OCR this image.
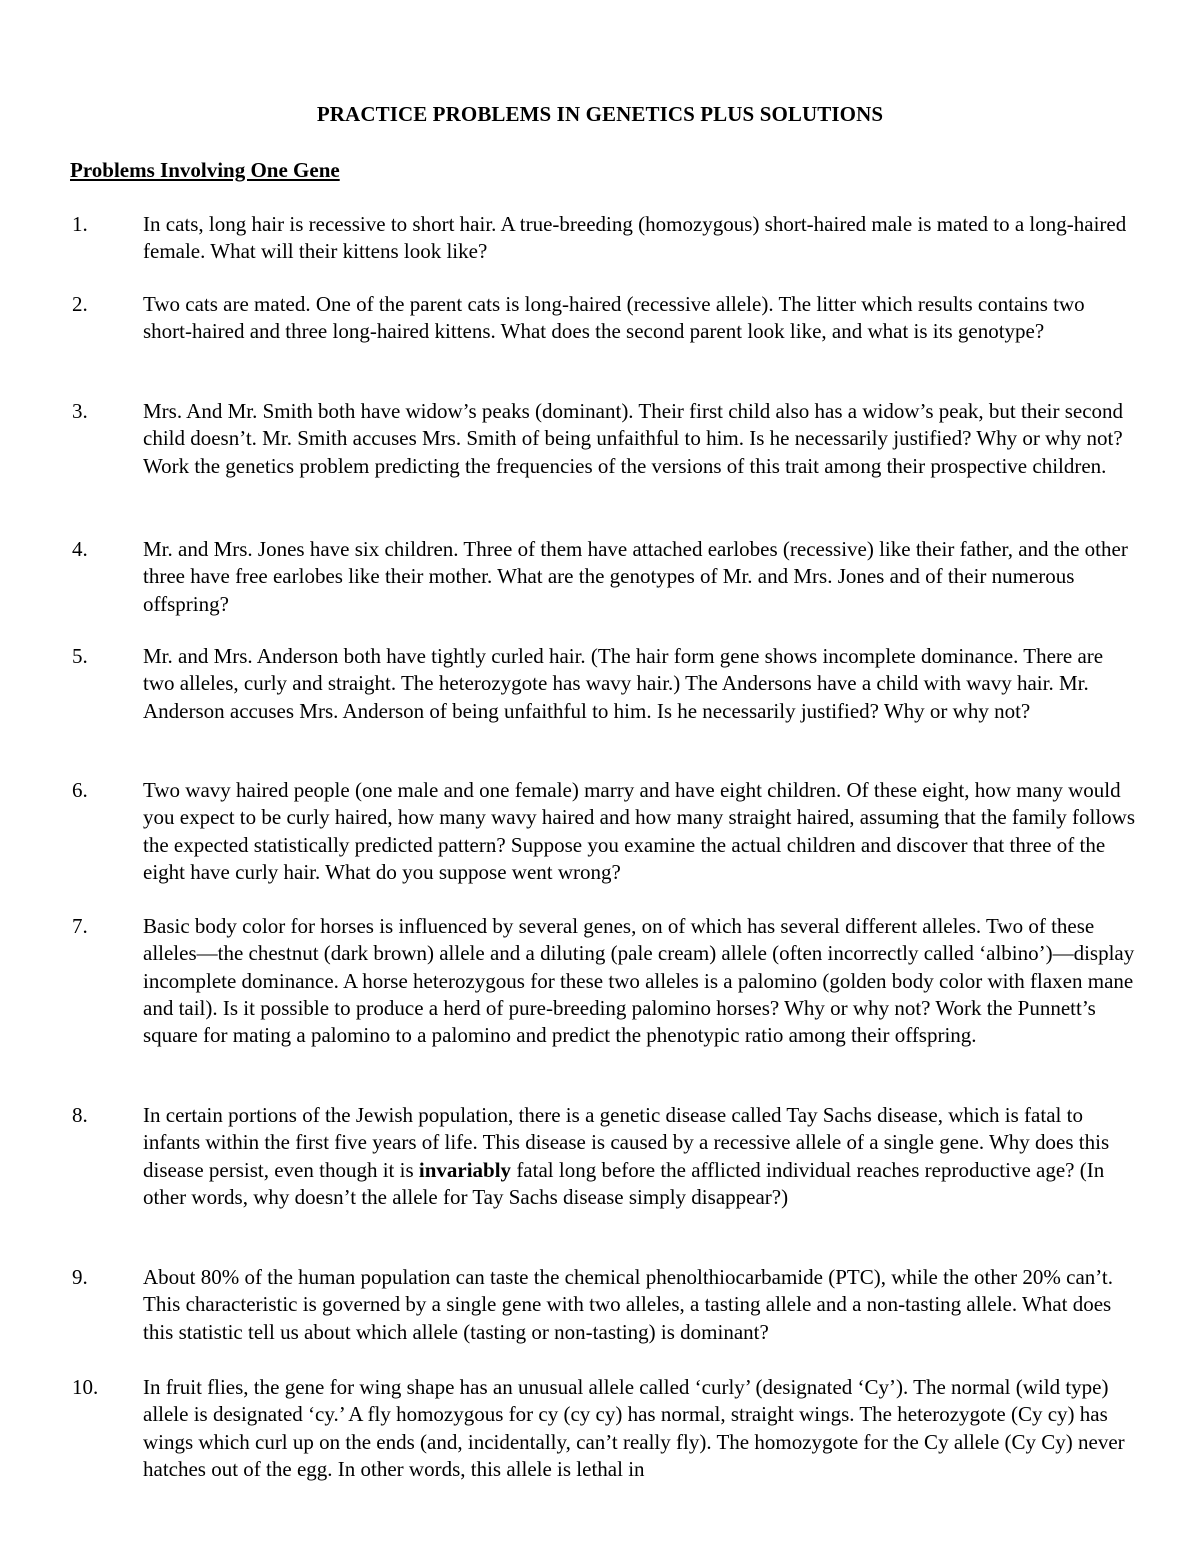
PRACTICE PROBLEMS IN GENETICS PLUS SOLUTIONS
Problems Involving One Gene
1.	In cats, long hair is recessive to short hair. A true-breeding (homozygous) short-haired male is mated to a long-haired female. What will their kittens look like?

2.	Two cats are mated. One of the parent cats is long-haired (recessive allele). The litter which results contains two short-haired and three long-haired kittens. What does the second parent look like, and what is its genotype?

3.	Mrs. And Mr. Smith both have widow’s peaks (dominant). Their first child also has a widow’s peak, but their second child doesn’t. Mr. Smith accuses Mrs. Smith of being unfaithful to him. Is he necessarily justified? Why or why not? Work the genetics problem predicting the frequencies of the versions of this trait among their prospective children.

4.	Mr. and Mrs. Jones have six children. Three of them have attached earlobes (recessive) like their father, and the other three have free earlobes like their mother. What are the genotypes of Mr. and Mrs. Jones and of their numerous offspring?

5.	Mr. and Mrs. Anderson both have tightly curled hair. (The hair form gene shows incomplete dominance. There are two alleles, curly and straight. The heterozygote has wavy hair.) The Andersons have a child with wavy hair. Mr. Anderson accuses Mrs. Anderson of being unfaithful to him. Is he necessarily justified? Why or why not?

6.	Two wavy haired people (one male and one female) marry and have eight children. Of these eight, how many would you expect to be curly haired, how many wavy haired and how many straight haired, assuming that the family follows the expected statistically predicted pattern? Suppose you examine the actual children and discover that three of the eight have curly hair. What do you suppose went wrong?

7.	Basic body color for horses is influenced by several genes, on of which has several different alleles. Two of these alleles—the chestnut (dark brown) allele and a diluting (pale cream) allele (often incorrectly called ‘albino’)—display incomplete dominance. A horse heterozygous for these two alleles is a palomino (golden body color with flaxen mane and tail). Is it possible to produce a herd of pure-breeding palomino horses? Why or why not? Work the Punnett’s square for mating a palomino to a palomino and predict the phenotypic ratio among their offspring.

8.	In certain portions of the Jewish population, there is a genetic disease called Tay Sachs disease, which is fatal to infants within the first five years of life. This disease is caused by a recessive allele of a single gene. Why does this disease persist, even though it is invariably fatal long before the afflicted individual reaches reproductive age? (In other words, why doesn’t the allele for Tay Sachs disease simply disappear?)

9.	About 80% of the human population can taste the chemical phenolthiocarbamide (PTC), while the other 20% can’t. This characteristic is governed by a single gene with two alleles, a tasting allele and a non-tasting allele. What does this statistic tell us about which allele (tasting or non-tasting) is dominant?

10. In fruit flies, the gene for wing shape has an unusual allele called ‘curly’ (designated ‘Cy’). The normal (wild type) allele is designated ‘cy.’ A fly homozygous for cy (cy cy) has normal, straight wings. The heterozygote (Cy cy) has wings which curl up on the ends (and, incidentally, can’t really fly). The homozygote for the Cy allele (Cy Cy) never hatches out of the egg. In other words, this allele is lethal in
